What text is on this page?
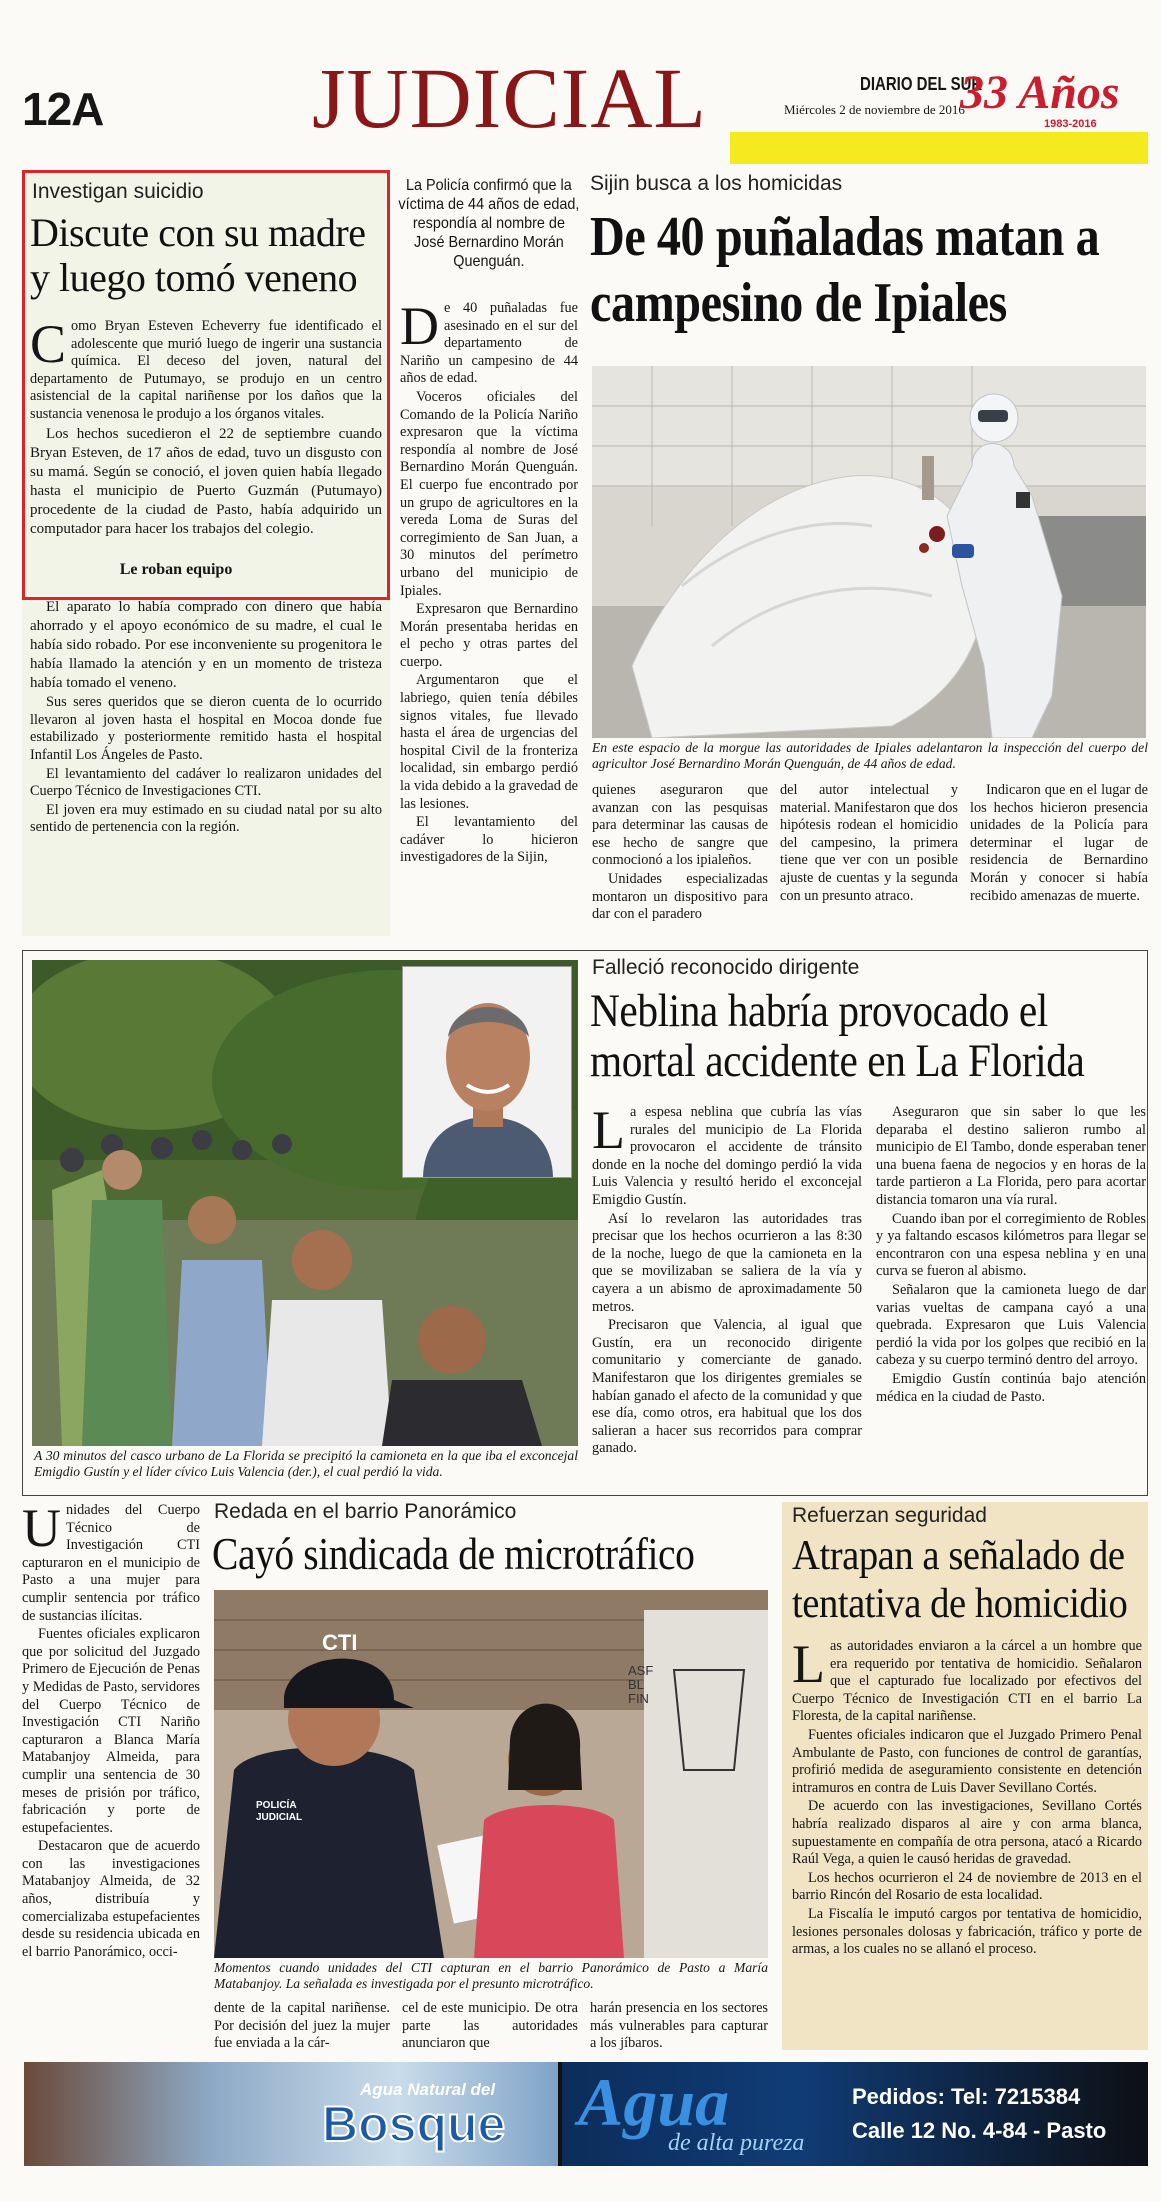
12A JUDICIAL	DIARIO DEL SUR
Miércoles 2 de noviembre de 2016
33 Años
1983-2016
Investigan suicidio
Discute con su madre y luego tomó veneno

Como Bryan Esteven Echeverry fue identificado el adolescente que murió luego de ingerir una sustancia química. El deceso del joven, natural del departamento de Putumayo, se produjo en un centro asistencial de la capital nariñense por los daños que la sustancia venenosa le produjo a los órganos vitales.

Los hechos sucedieron el 22 de septiembre cuando Bryan Esteven, de 17 años de edad, tuvo un disgusto con su mamá. Según se conoció, el joven quien había llegado hasta el municipio de Puerto Guzmán (Putumayo) procedente de la ciudad de Pasto, había adquirido un computador para hacer los trabajos del colegio.

Le roban equipo

El aparato lo había comprado con dinero que había ahorrado y el apoyo económico de su madre, el cual le había sido robado. Por ese inconveniente su progenitora le había llamado la atención y en un momento de tristeza había tomado el veneno.

Sus seres queridos que se dieron cuenta de lo ocurrido llevaron al joven hasta el hospital en Mocoa donde fue estabilizado y posteriormente remitido hasta el hospital Infantil Los Ángeles de Pasto.

El levantamiento del cadáver lo realizaron unidades del Cuerpo Técnico de Investigaciones CTI.

El joven era muy estimado en su ciudad natal por su alto sentido de pertenencia con la región.

La Policía confirmó que la víctima de 44 años de edad, respondía al nombre de José Bernardino Morán Quenguán.
Sijin busca a los homicidas
De 40 puñaladas matan a campesino de Ipiales

De 40 puñaladas fue asesinado en el sur del departamento de Nariño un campesino de 44 años de edad.

Voceros oficiales del Comando de la Policía Nariño expresaron que la víctima respondía al nombre de José Bernardino Morán Quenguán. El cuerpo fue encontrado por un grupo de agricultores en la vereda Loma de Suras del corregimiento de San Juan, a 30 minutos del perímetro urbano del municipio de Ipiales.

Expresaron que Bernardino Morán presentaba heridas en el pecho y otras partes del cuerpo.

Argumentaron que el labriego, quien tenía débiles signos vitales, fue llevado hasta el área de urgencias del hospital Civil de la fronteriza localidad, sin embargo perdió la vida debido a la gravedad de las lesiones.

El levantamiento del cadáver lo hicieron investigadores de la Sijin,

En este espacio de la morgue las autoridades de Ipiales adelantaron la inspección del cuerpo del agricultor José Bernardino Morán Quenguán, de 44 años de edad.

quienes aseguraron que avanzan con las pesquisas para determinar las causas de ese hecho de sangre que conmocionó a los ipialeños.

Unidades especializadas montaron un dispositivo para dar con el paradero

del autor intelectual y material. Manifestaron que dos hipótesis rodean el homicidio del campesino, la primera tiene que ver con un posible ajuste de cuentas y la segunda con un presunto atraco.

Indicaron que en el lugar de los hechos hicieron presencia unidades de la Policía para determinar el lugar de residencia de Bernardino Morán y conocer si había recibido amenazas de muerte.

A 30 minutos del casco urbano de La Florida se precipitó la camioneta en la que iba el exconcejal Emigdio Gustín y el líder cívico Luis Valencia (der.), el cual perdió la vida.
Falleció reconocido dirigente
Neblina habría provocado el mortal accidente en La Florida

La espesa neblina que cubría las vías rurales del municipio de La Florida provocaron el accidente de tránsito donde en la noche del domingo perdió la vida Luis Valencia y resultó herido el exconcejal Emigdio Gustín.

Así lo revelaron las autoridades tras precisar que los hechos ocurrieron a las 8:30 de la noche, luego de que la camioneta en la que se movilizaban se saliera de la vía y cayera a un abismo de aproximadamente 50 metros.

Precisaron que Valencia, al igual que Gustín, era un reconocido dirigente comunitario y comerciante de ganado. Manifestaron que los dirigentes gremiales se habían ganado el afecto de la comunidad y que ese día, como otros, era habitual que los dos salieran a hacer sus recorridos para comprar ganado.

Aseguraron que sin saber lo que les deparaba el destino salieron rumbo al municipio de El Tambo, donde esperaban tener una buena faena de negocios y en horas de la tarde partieron a La Florida, pero para acortar distancia tomaron una vía rural.

Cuando iban por el corregimiento de Robles y ya faltando escasos kilómetros para llegar se encontraron con una espesa neblina y en una curva se fueron al abismo.

Señalaron que la camioneta luego de dar varias vueltas de campana cayó a una quebrada. Expresaron que Luis Valencia perdió la vida por los golpes que recibió en la cabeza y su cuerpo terminó dentro del arroyo.

Emigdio Gustín continúa bajo atención médica en la ciudad de Pasto.

Unidades del Cuerpo Técnico de Investigación CTI capturaron en el municipio de Pasto a una mujer para cumplir sentencia por tráfico de sustancias ilícitas.

Fuentes oficiales explicaron que por solicitud del Juzgado Primero de Ejecución de Penas y Medidas de Pasto, servidores del Cuerpo Técnico de Investigación CTI Nariño capturaron a Blanca María Matabanjoy Almeida, para cumplir una sentencia de 30 meses de prisión por tráfico, fabricación y porte de estupefacientes.

Destacaron que de acuerdo con las investigaciones Matabanjoy Almeida, de 32 años, distribuía y comercializaba estupefacientes desde su residencia ubicada en el barrio Panorámico, occi-

Redada en el barrio Panorámico
Cayó sindicada de microtráfico
CTI
POLICÍA JUDICIAL
ASF BL FIN
Momentos cuando unidades del CTI capturan en el barrio Panorámico de Pasto a María Matabanjoy. La señalada es investigada por el presunto microtráfico.

dente de la capital nariñense. Por decisión del juez la mujer fue enviada a la cár-

cel de este municipio. De otra parte las autoridades anunciaron que

harán presencia en los sectores más vulnerables para capturar a los jíbaros.

Refuerzan seguridad
Atrapan a señalado de tentativa de homicidio

Las autoridades enviaron a la cárcel a un hombre que era requerido por tentativa de homicidio. Señalaron que el capturado fue localizado por efectivos del Cuerpo Técnico de Investigación CTI en el barrio La Floresta, de la capital nariñense.

Fuentes oficiales indicaron que el Juzgado Primero Penal Ambulante de Pasto, con funciones de control de garantías, profirió medida de aseguramiento consistente en detención intramuros en contra de Luis Daver Sevillano Cortés.

De acuerdo con las investigaciones, Sevillano Cortés habría realizado disparos al aire y con arma blanca, supuestamente en compañía de otra persona, atacó a Ricardo Raúl Vega, a quien le causó heridas de gravedad.

Los hechos ocurrieron el 24 de noviembre de 2013 en el barrio Rincón del Rosario de esta localidad.

La Fiscalía le imputó cargos por tentativa de homicidio, lesiones personales dolosas y fabricación, tráfico y porte de armas, a los cuales no se allanó el proceso.

Agua Natural del
Bosque Agua
de alta pureza
Pedidos: Tel: 7215384
Calle 12 No. 4-84 - Pasto
